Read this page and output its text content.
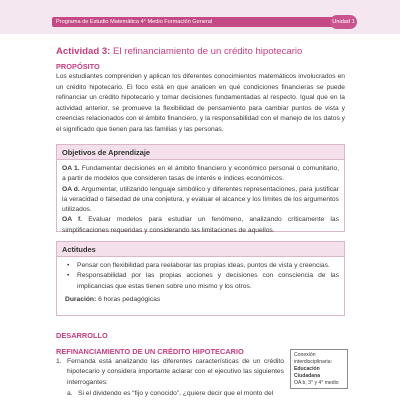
Programa de Estudio Matemática 4° Medio Formación General	Unidad 1
Actividad 3: El refinanciamiento de un crédito hipotecario
PROPÓSITO
Los estudiantes comprenden y aplican los diferentes conocimientos matemáticos involucrados en un crédito hipotecario. El foco está en que analicen en qué condiciones financieras se puede refinanciar un crédito hipotecario y tomar decisiones fundamentadas al respecto. Igual que en la actividad anterior, se promueve la flexibilidad de pensamiento para cambiar puntos de vista y creencias relacionados con el ámbito financiero, y la responsabilidad con el manejo de los datos y el significado que tienen para las familias y las personas.
Objetivos de Aprendizaje
OA 1. Fundamentar decisiones en el ámbito financiero y económico personal o comunitario, a partir de modelos que consideren tasas de interés e índices económicos.
OA d. Argumentar, utilizando lenguaje simbólico y diferentes representaciones, para justificar la veracidad o falsedad de una conjetura, y evaluar el alcance y los límites de los argumentos utilizados.
OA f. Evaluar modelos para estudiar un fenómeno, analizando críticamente las simplificaciones requeridas y considerando las limitaciones de aquellos.
Actitudes
• Pensar con flexibilidad para reelaborar las propias ideas, puntos de vista y creencias.
• Responsabilidad por las propias acciones y decisiones con consciencia de las implicancias que estas tienen sobre uno mismo y los otros.
Duración: 6 horas pedagógicas
DESARROLLO
REFINANCIAMIENTO DE UN CRÉDITO HIPOTECARIO
1. Fernanda está analizando las diferentes características de un crédito hipotecario y considera importante aclarar con el ejecutivo las siguientes interrogantes:
a. Si el dividendo es “fijo y conocido”, ¿quiere decir que el monto del
Conexión interdisciplinaria:
Educación Ciudadana
OA b, 3° y 4° medio
